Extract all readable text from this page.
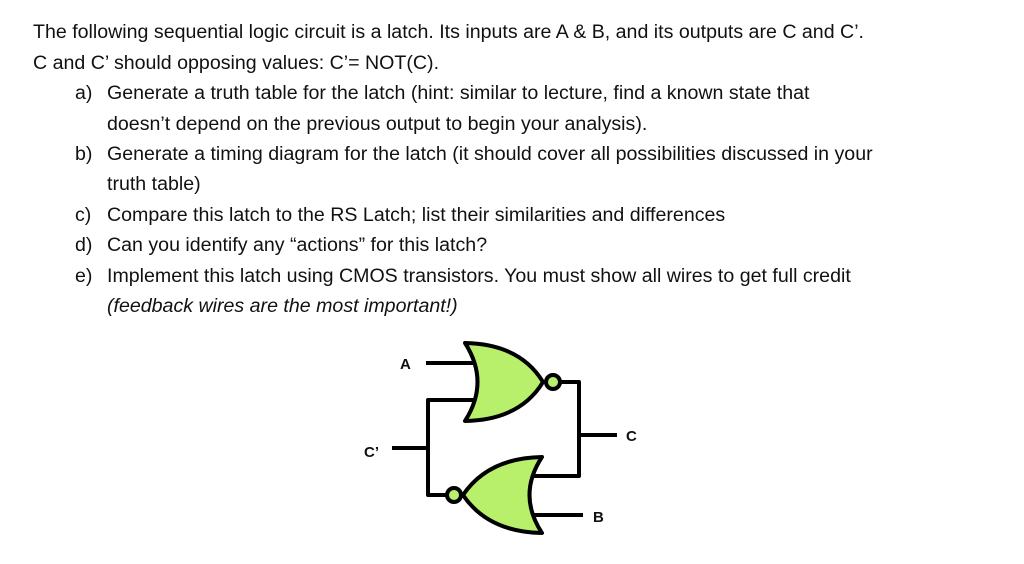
The following sequential logic circuit is a latch. Its inputs are A & B, and its outputs are C and C’.
C and C’ should opposing values: C’= NOT(C).
a) Generate a truth table for the latch (hint: similar to lecture, find a known state that
doesn’t depend on the previous output to begin your analysis).
b) Generate a timing diagram for the latch (it should cover all possibilities discussed in your
truth table)
c) Compare this latch to the RS Latch; list their similarities and differences
d) Can you identify any “actions” for this latch?
e) Implement this latch using CMOS transistors. You must show all wires to get full credit
(feedback wires are the most important!)
A
C’
C
B
